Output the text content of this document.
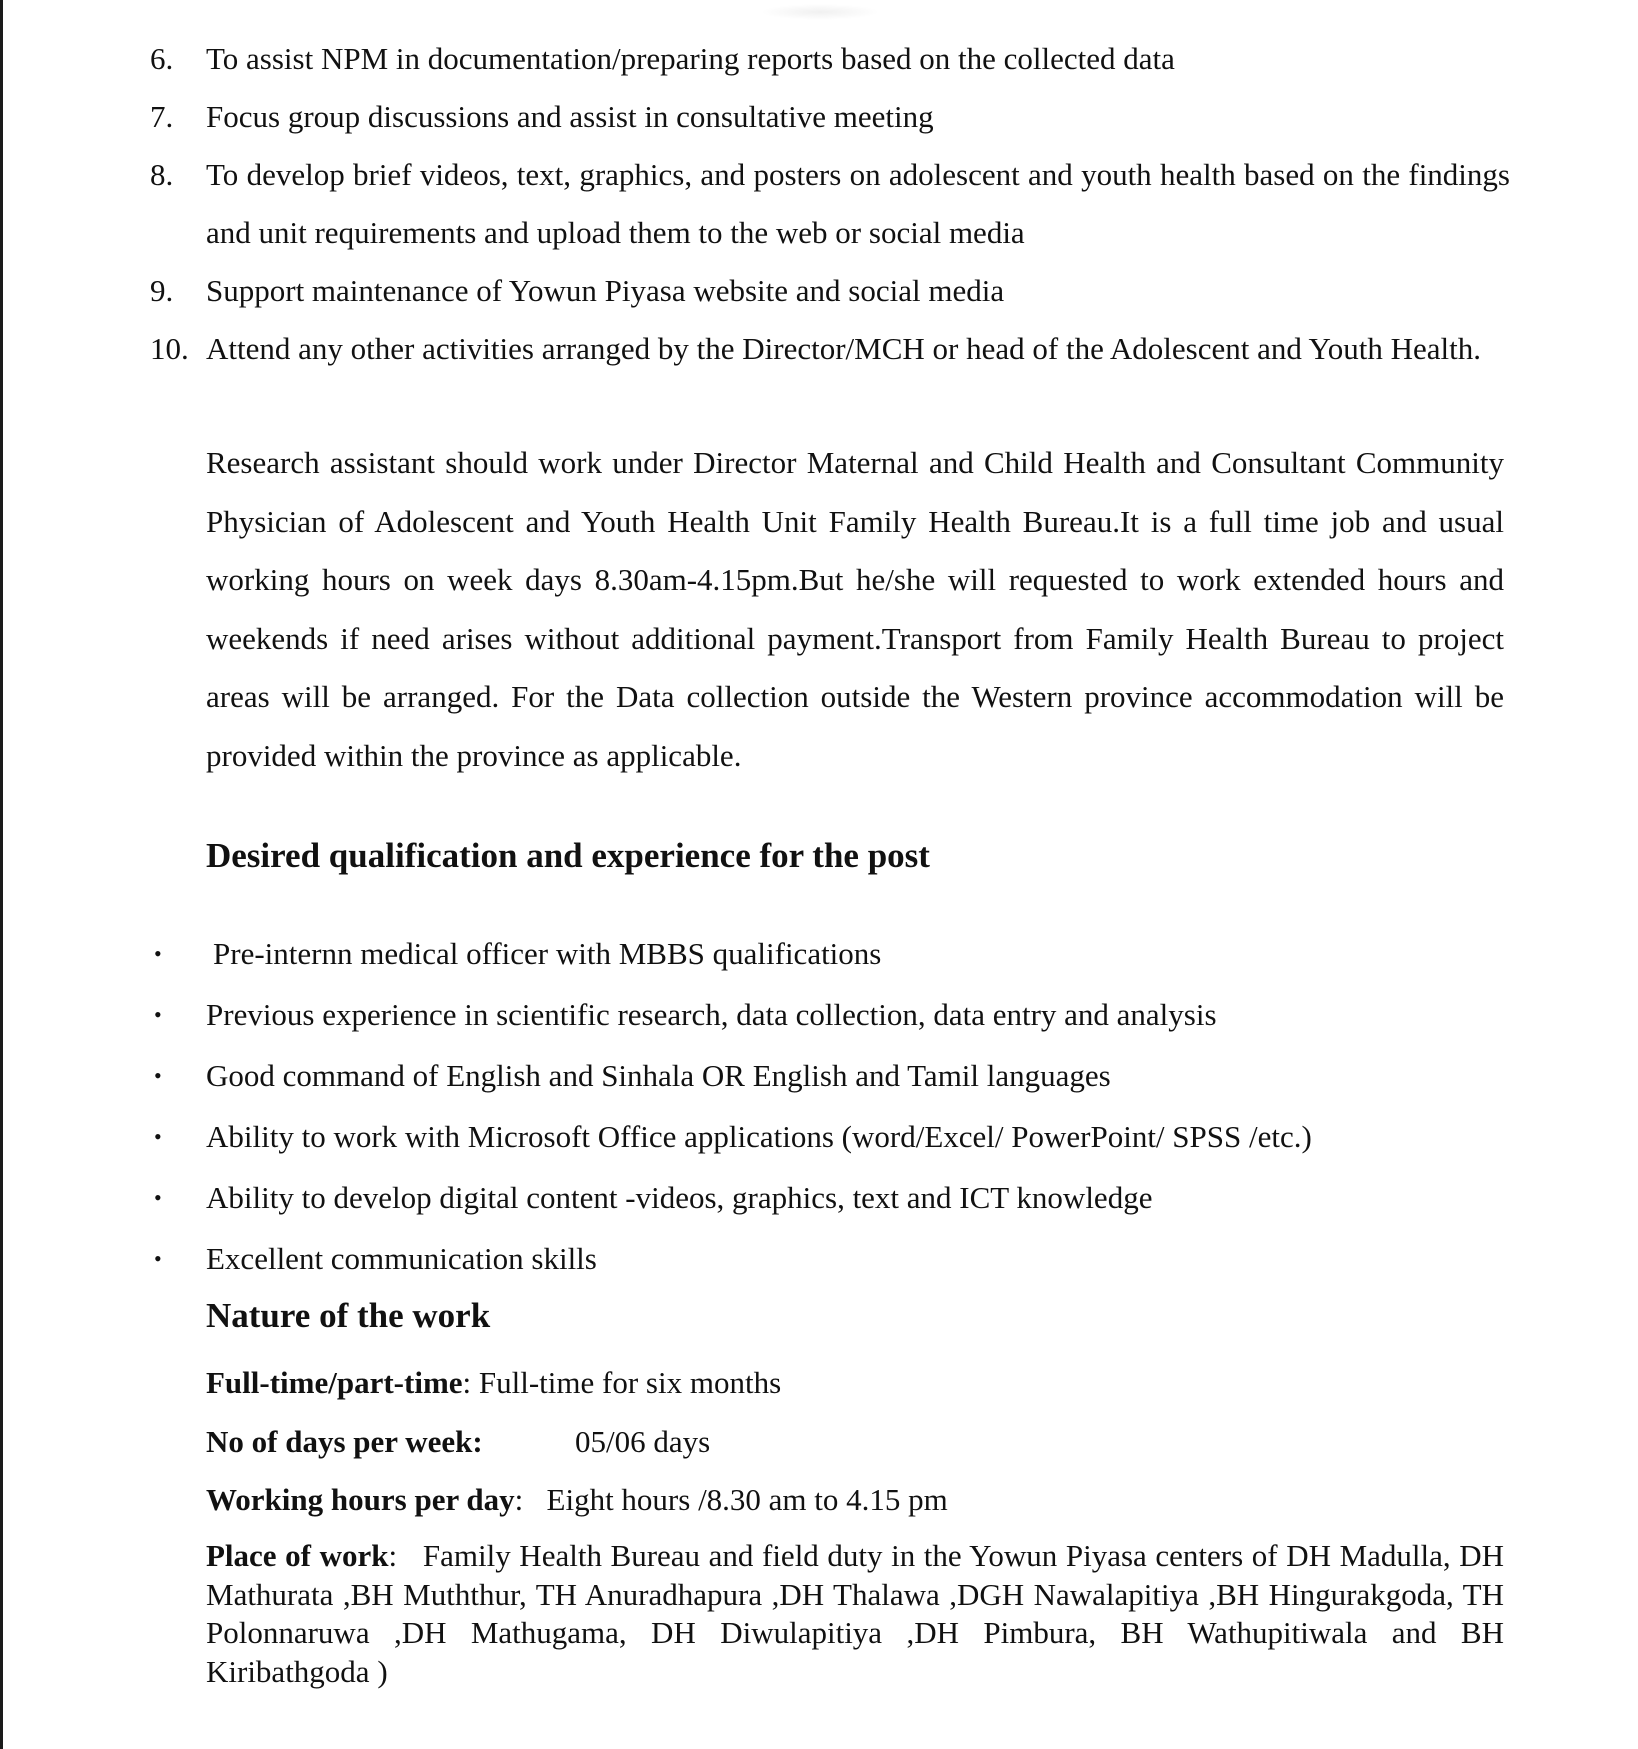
6.	To assist NPM in documentation/preparing reports based on the collected data
7.	Focus group discussions and assist in consultative meeting
8.	To develop brief videos, text, graphics, and posters on adolescent and youth health based on the findings and unit requirements and upload them to the web or social media
9.	Support maintenance of Yowun Piyasa website and social media
10. Attend any other activities arranged by the Director/MCH or head of the Adolescent and Youth Health.

Research assistant should work under Director Maternal and Child Health and Consultant Community Physician of Adolescent and Youth Health Unit Family Health Bureau.It is a full time job and usual working hours on week days 8.30am-4.15pm.But he/she will requested to work extended hours and weekends if need arises without additional payment.Transport from Family Health Bureau to project areas will be arranged. For the Data collection outside the Western province accommodation will be provided within the province as applicable.

Desired qualification and experience for the post
•	Pre-internn medical officer with MBBS qualifications
•	Previous experience in scientific research, data collection, data entry and analysis
•	Good command of English and Sinhala OR English and Tamil languages
•	Ability to work with Microsoft Office applications (word/Excel/ PowerPoint/ SPSS /etc.)
•	Ability to develop digital content -videos, graphics, text and ICT knowledge
•	Excellent communication skills
Nature of the work
Full-time/part-time: Full-time for six months
No of days per week:	05/06 days
Working hours per day:   Eight hours /8.30 am to 4.15 pm

Place of work:   Family Health Bureau and field duty in the Yowun Piyasa centers of DH Madulla, DH Mathurata ,BH Muththur, TH Anuradhapura ,DH Thalawa ,DGH Nawalapitiya ,BH Hingurakgoda, TH Polonnaruwa ,DH Mathugama, DH Diwulapitiya ,DH Pimbura, BH Wathupitiwala and BH Kiribathgoda )
